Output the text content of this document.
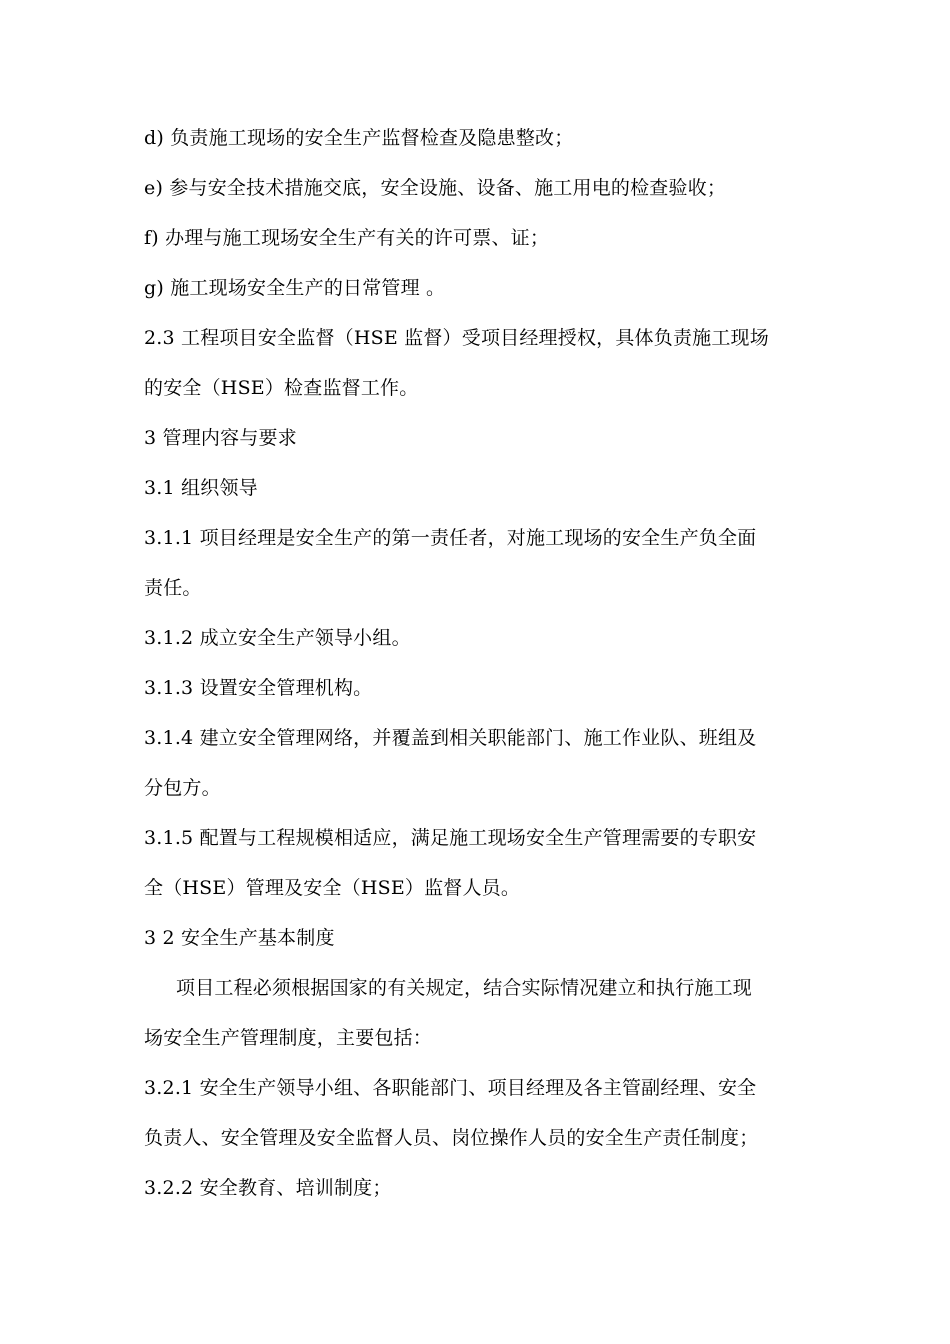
d) 负责施工现场的安全生产监督检查及隐患整改；
e) 参与安全技术措施交底，安全设施、设备、施工用电的检查验收；
f) 办理与施工现场安全生产有关的许可票、证；
g) 施工现场安全生产的日常管理 。
2.3 工程项目安全监督（HSE 监督）受项目经理授权，具体负责施工现场
的安全（HSE）检查监督工作。
3 管理内容与要求
3.1 组织领导
3.1.1 项目经理是安全生产的第一责任者，对施工现场的安全生产负全面
责任。
3.1.2 成立安全生产领导小组。
3.1.3 设置安全管理机构。
3.1.4 建立安全管理网络，并覆盖到相关职能部门、施工作业队、班组及
分包方。
3.1.5 配置与工程规模相适应，满足施工现场安全生产管理需要的专职安
全（HSE）管理及安全（HSE）监督人员。
3 2 安全生产基本制度
项目工程必须根据国家的有关规定，结合实际情况建立和执行施工现
场安全生产管理制度，主要包括：
3.2.1 安全生产领导小组、各职能部门、项目经理及各主管副经理、安全
负责人、安全管理及安全监督人员、岗位操作人员的安全生产责任制度；
3.2.2 安全教育、培训制度；
